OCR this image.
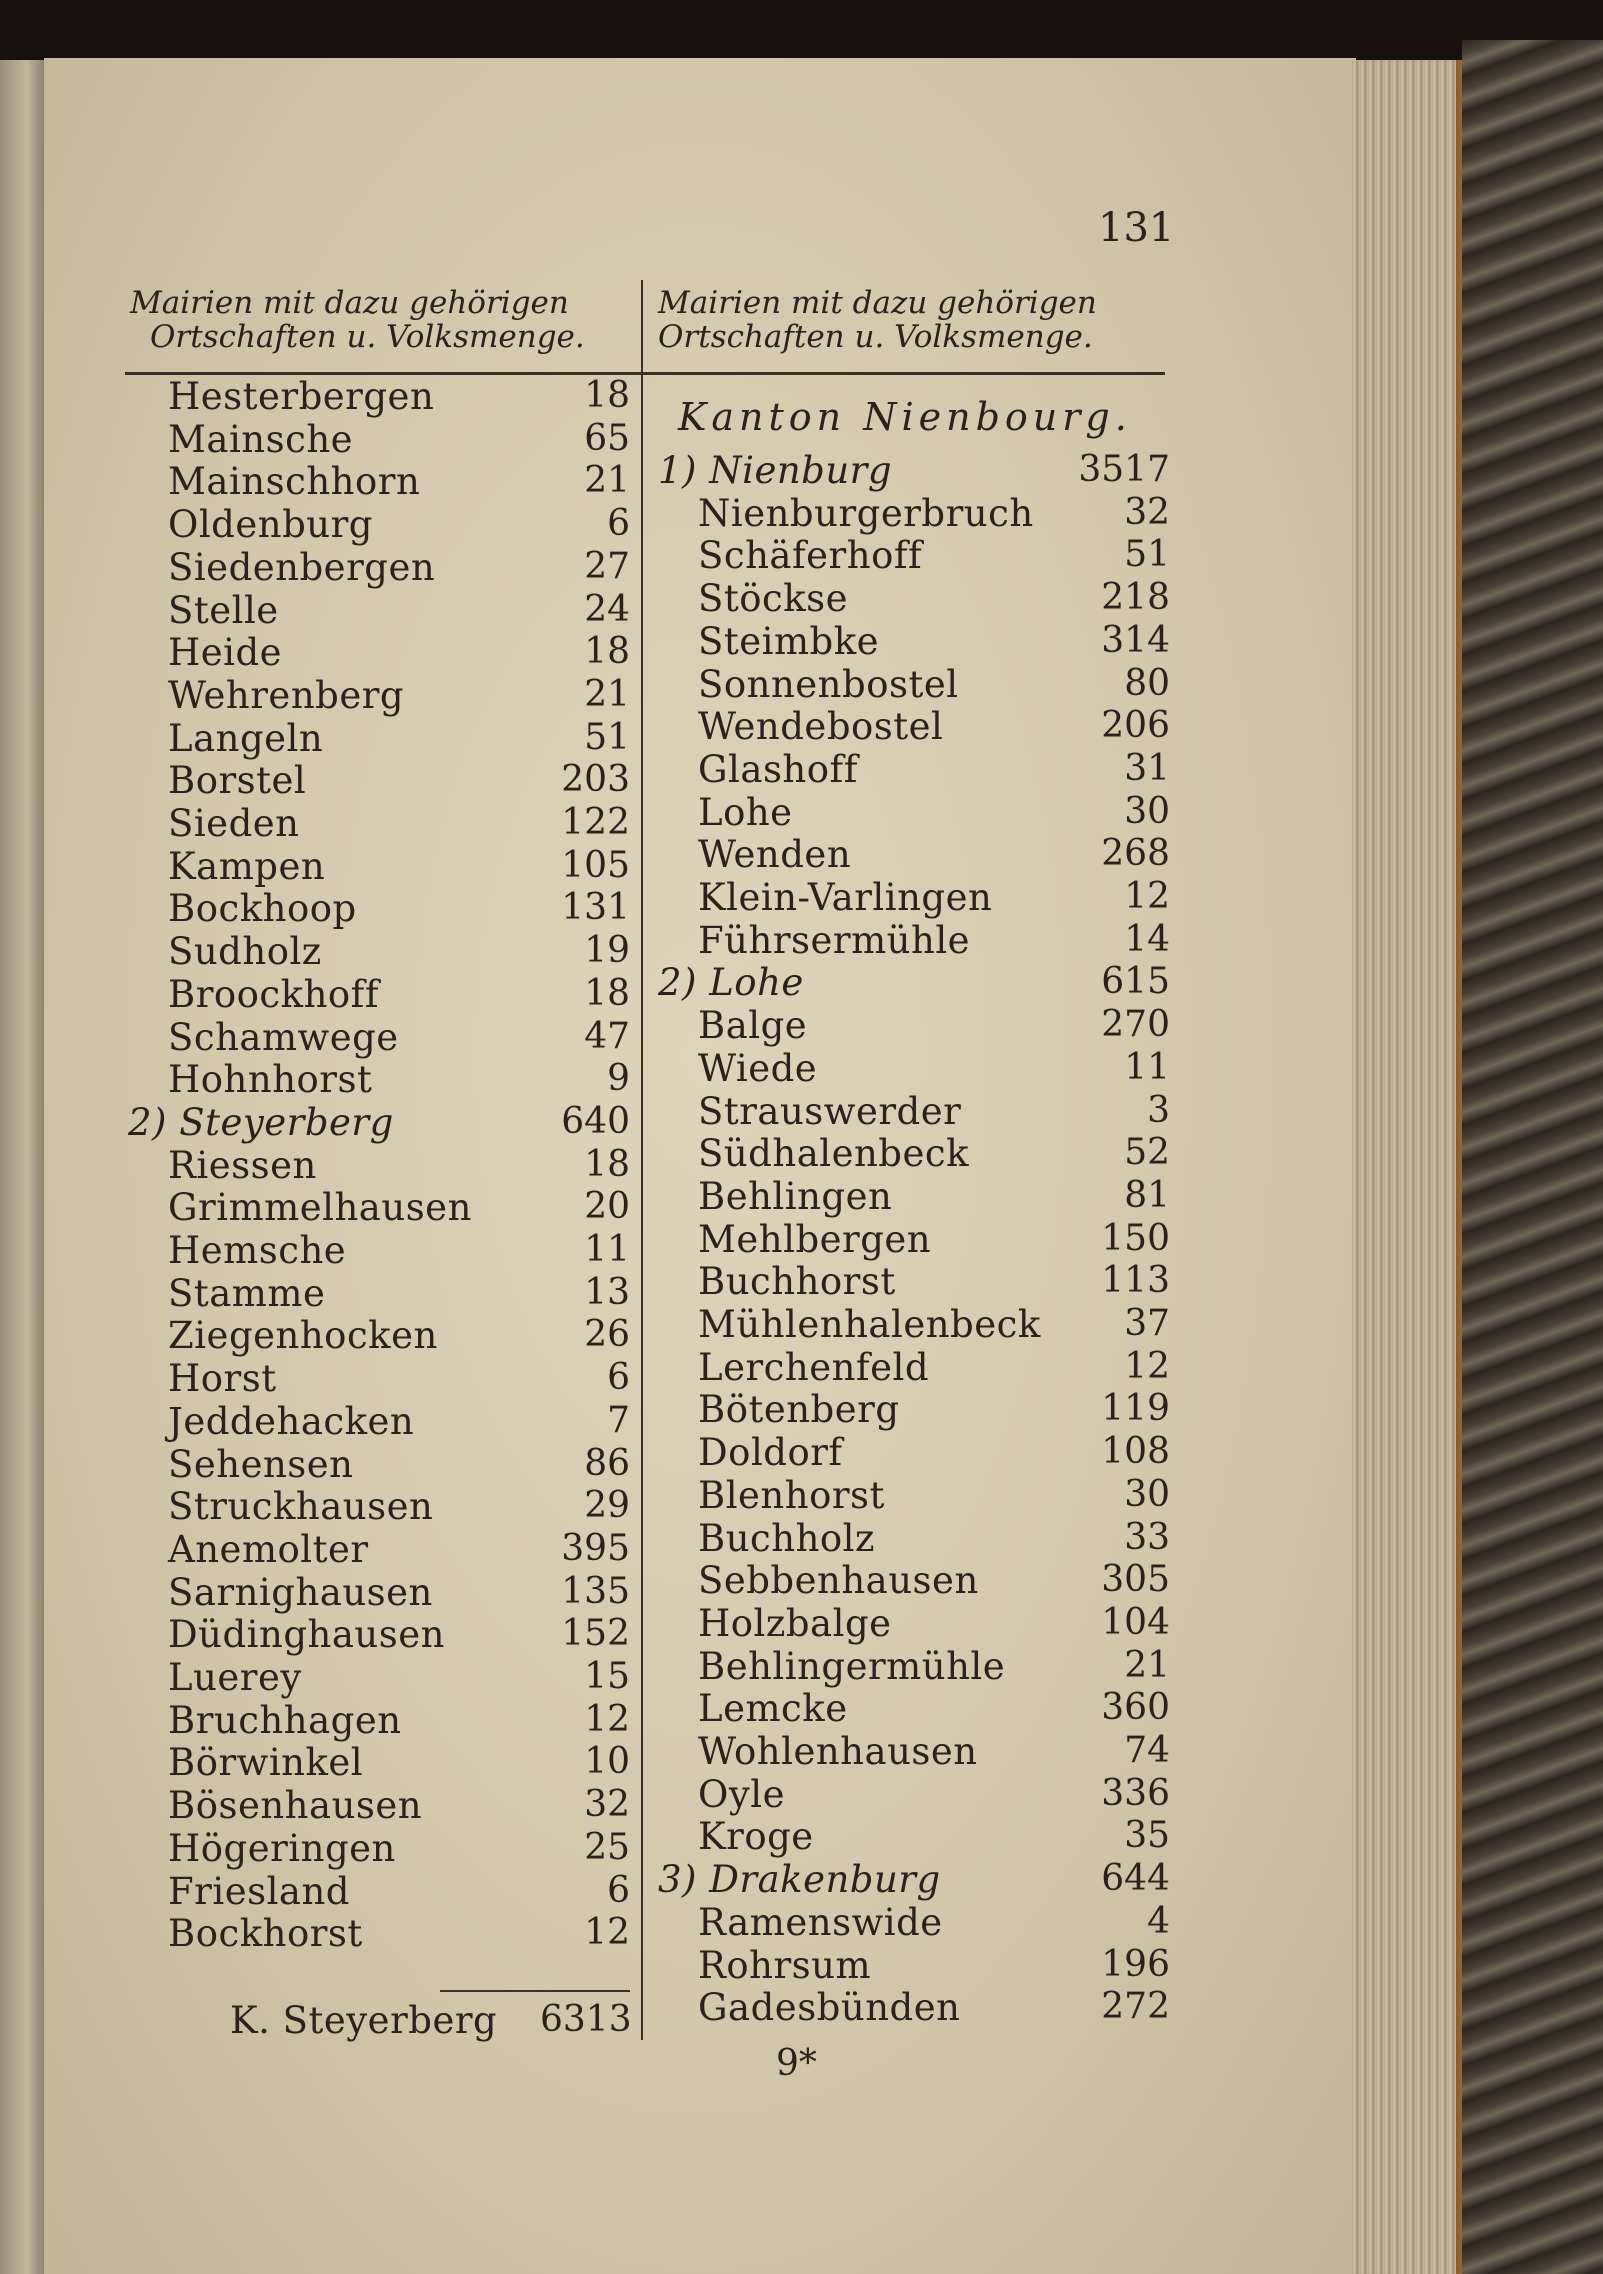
131
Mairien mit dazu gehörigen
Ortschaften u. Volksmenge.
Mairien mit dazu gehörigen
Ortschaften u. Volksmenge.
Hesterbergen	18
Mainsche	65
Mainschhorn	21
Oldenburg	6
Siedenbergen	27
Stelle	24
Heide	18
Wehrenberg	21
Langeln	51
Borstel	203
Sieden	122
Kampen	105
Bockhoop	131
Sudholz	19
Broockhoff	18
Schamwege	47
Hohnhorst	9
2) Steyerberg	640
Riessen	18
Grimmelhausen	20
Hemsche	11
Stamme	13
Ziegenhocken	26
Horst	6
Jeddehacken	7
Sehensen	86
Struckhausen	29
Anemolter	395
Sarnighausen	135
Düdinghausen	152
Luerey	15
Bruchhagen	12
Börwinkel	10
Bösenhausen	32
Högeringen	25
Friesland	6
Bockhorst	12
K. Steyerberg 6313
Kanton Nienbourg.
1) Nienburg	3517
Nienburgerbruch	32
Schäferhoff	51
Stöckse	218
Steimbke	314
Sonnenbostel	80
Wendebostel	206
Glashoff	31
Lohe	30
Wenden	268
Klein-Varlingen	12
Führsermühle	14
2) Lohe	615
Balge	270
Wiede	11
Strauswerder	3
Südhalenbeck	52
Behlingen	81
Mehlbergen	150
Buchhorst	113
Mühlenhalenbeck	37
Lerchenfeld	12
Bötenberg	119
Doldorf	108
Blenhorst	30
Buchholz	33
Sebbenhausen	305
Holzbalge	104
Behlingermühle	21
Lemcke	360
Wohlenhausen	74
Oyle	336
Kroge	35
3) Drakenburg	644
Ramenswide	4
Rohrsum	196
Gadesbünden	272
9*
